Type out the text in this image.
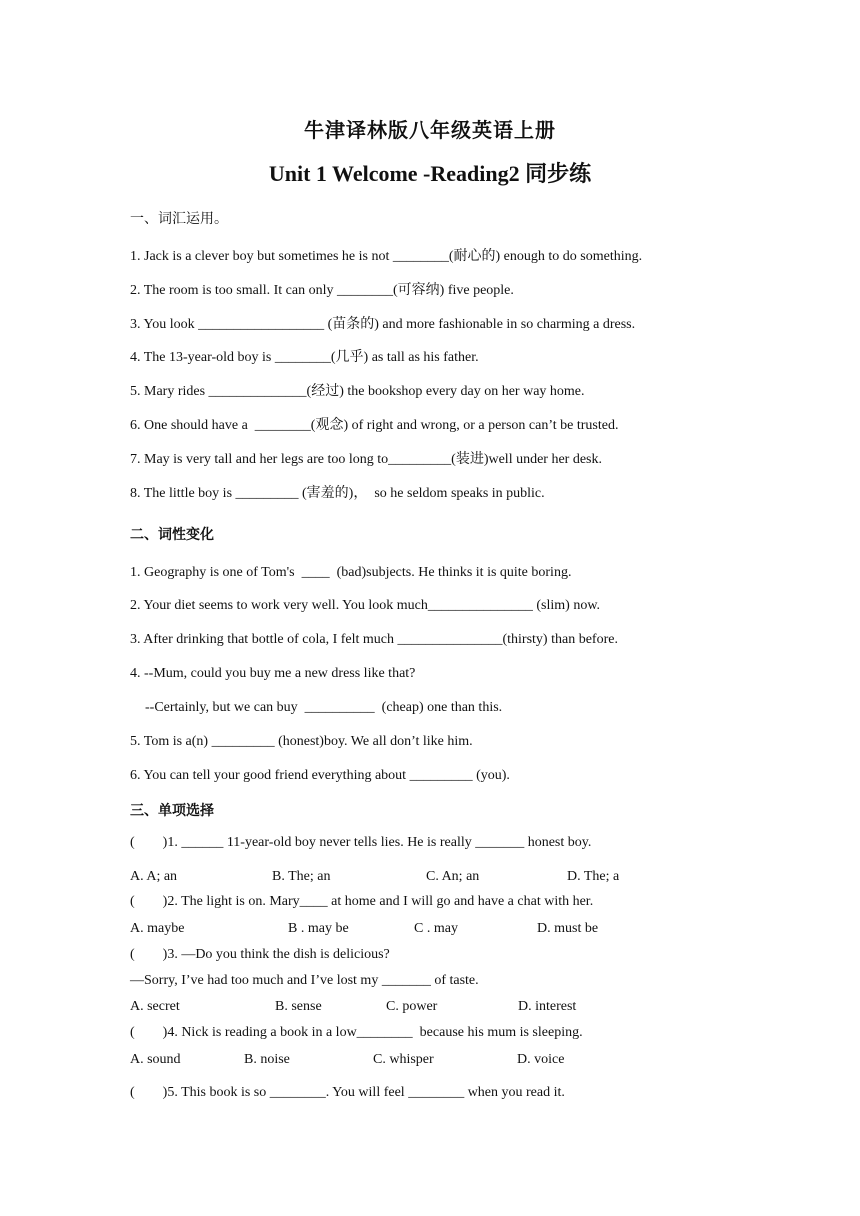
牛津译林版八年级英语上册
Unit 1 Welcome -Reading2 同步练
一、词汇运用。
1. Jack is a clever boy but sometimes he is not ________(耐心的) enough to do something.
2. The room is too small. It can only ________(可容纳) five people.
3. You look __________________ (苗条的) and more fashionable in so charming a dress.
4. The 13-year-old boy is ________(几乎) as tall as his father.
5. Mary rides ______________(经过) the bookshop every day on her way home.
6. One should have a  ________(观念) of right and wrong, or a person can’t be trusted.
7. May is very tall and her legs are too long to_________(装进)well under her desk.
8. The little boy is _________ (害羞的)，  so he seldom speaks in public.
二、词性变化
1. Geography is one of Tom's  ____  (bad)subjects. He thinks it is quite boring.
2. Your diet seems to work very well. You look much_______________ (slim) now.
3. After drinking that bottle of cola, I felt much _______________(thirsty) than before.
4. --Mum, could you buy me a new dress like that?
--Certainly, but we can buy  __________  (cheap) one than this.
5. Tom is a(n) _________ (honest)boy. We all don’t like him.
6. You can tell your good friend everything about _________ (you).
三、单项选择
(        )1. ______ 11-year-old boy never tells lies. He is really _______ honest boy.
A. A; an	B. The; an	C. An; an	D. The; a
(        )2. The light is on. Mary____ at home and I will go and have a chat with her.
A. maybe	B . may be	C . may	D. must be
(        )3. —Do you think the dish is delicious?
—Sorry, I’ve had too much and I’ve lost my _______ of taste.
A. secret	B. sense	C. power	D. interest
(        )4. Nick is reading a book in a low________  because his mum is sleeping.
A. sound	B. noise	C. whisper	D. voice
(        )5. This book is so ________. You will feel ________ when you read it.
